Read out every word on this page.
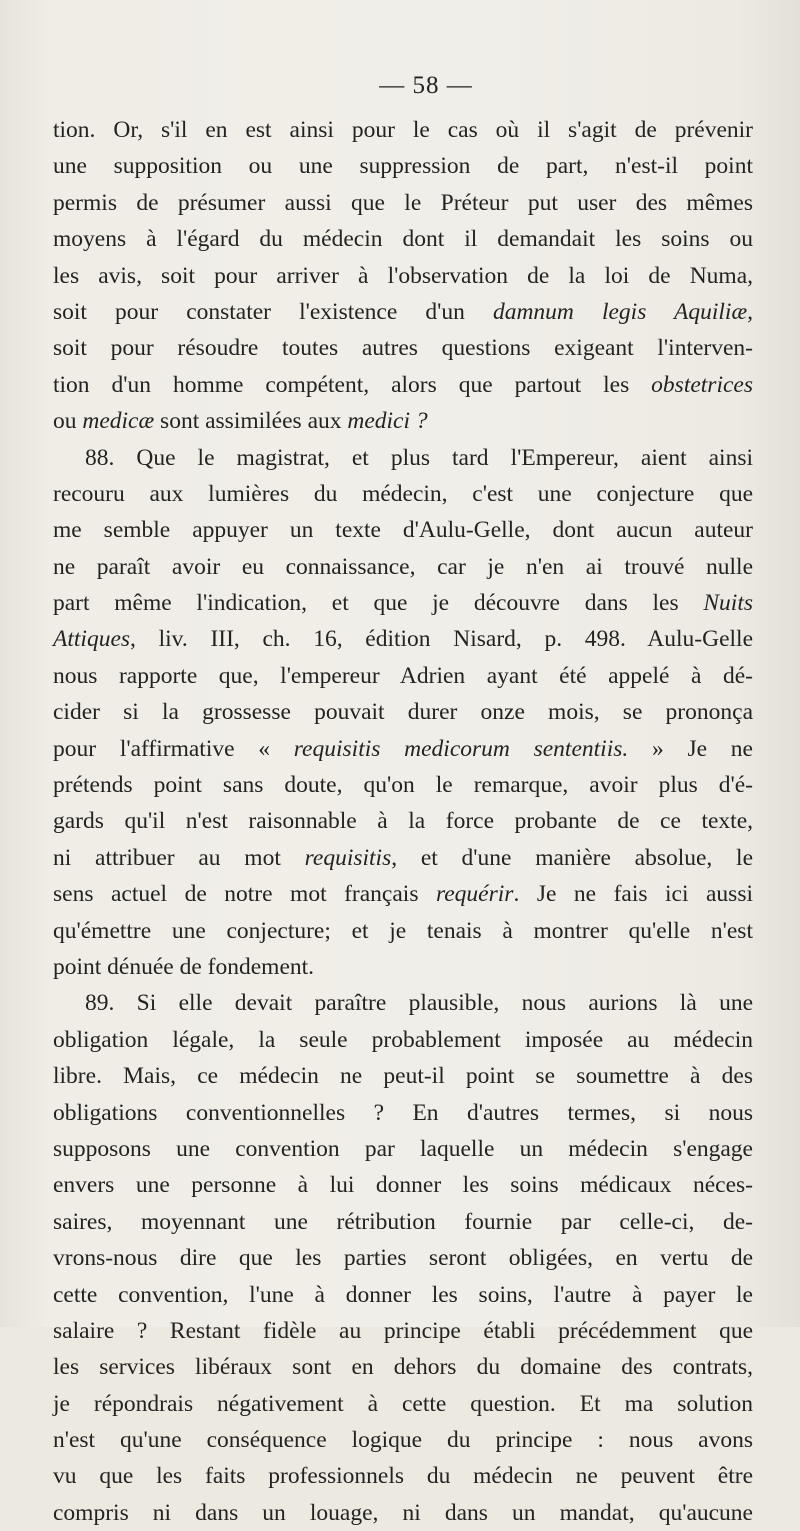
— 58 —
tion. Or, s'il en est ainsi pour le cas où il s'agit de prévenir
une supposition ou une suppression de part, n'est-il point
permis de présumer aussi que le Préteur put user des mêmes
moyens à l'égard du médecin dont il demandait les soins ou
les avis, soit pour arriver à l'observation de la loi de Numa,
soit pour constater l'existence d'un damnum legis Aquiliæ,
soit pour résoudre toutes autres questions exigeant l'interven-
tion d'un homme compétent, alors que partout les obstetrices
ou medicæ sont assimilées aux medici ?
88. Que le magistrat, et plus tard l'Empereur, aient ainsi
recouru aux lumières du médecin, c'est une conjecture que
me semble appuyer un texte d'Aulu-Gelle, dont aucun auteur
ne paraît avoir eu connaissance, car je n'en ai trouvé nulle
part même l'indication, et que je découvre dans les Nuits
Attiques, liv. III, ch. 16, édition Nisard, p. 498. Aulu-Gelle
nous rapporte que, l'empereur Adrien ayant été appelé à dé-
cider si la grossesse pouvait durer onze mois, se prononça
pour l'affirmative « requisitis medicorum sententiis. » Je ne
prétends point sans doute, qu'on le remarque, avoir plus d'é-
gards qu'il n'est raisonnable à la force probante de ce texte,
ni attribuer au mot requisitis, et d'une manière absolue, le
sens actuel de notre mot français requérir. Je ne fais ici aussi
qu'émettre une conjecture; et je tenais à montrer qu'elle n'est
point dénuée de fondement.
89. Si elle devait paraître plausible, nous aurions là une
obligation légale, la seule probablement imposée au médecin
libre. Mais, ce médecin ne peut-il point se soumettre à des
obligations conventionnelles ? En d'autres termes, si nous
supposons une convention par laquelle un médecin s'engage
envers une personne à lui donner les soins médicaux néces-
saires, moyennant une rétribution fournie par celle-ci, de-
vrons-nous dire que les parties seront obligées, en vertu de
cette convention, l'une à donner les soins, l'autre à payer le
salaire ? Restant fidèle au principe établi précédemment que
les services libéraux sont en dehors du domaine des contrats,
je répondrais négativement à cette question. Et ma solution
n'est qu'une conséquence logique du principe : nous avons
vu que les faits professionnels du médecin ne peuvent être
compris ni dans un louage, ni dans un mandat, qu'aucune
